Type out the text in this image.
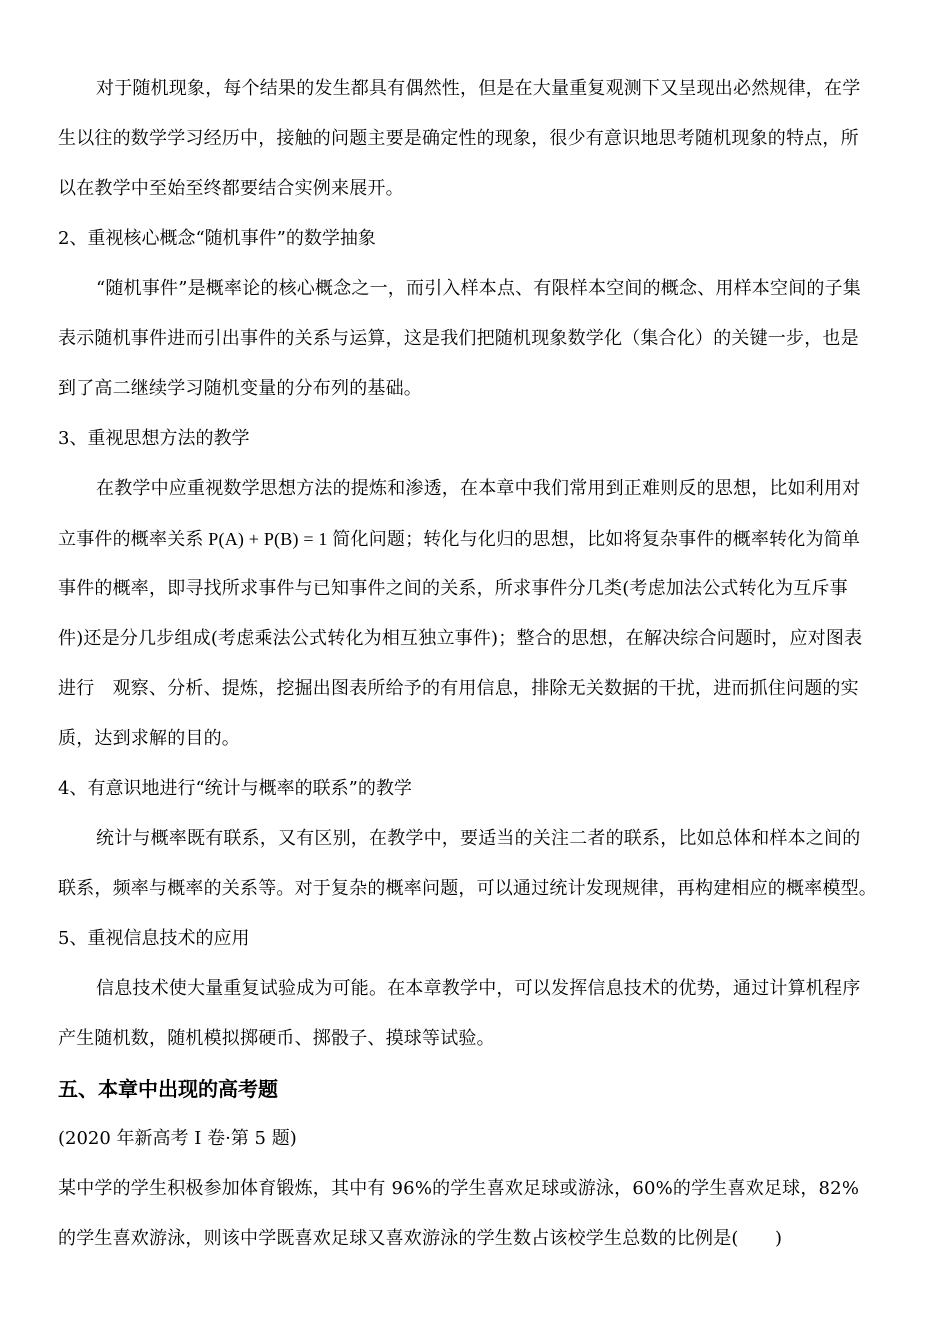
对于随机现象，每个结果的发生都具有偶然性，但是在大量重复观测下又呈现出必然规律，在学
生以往的数学学习经历中，接触的问题主要是确定性的现象，很少有意识地思考随机现象的特点，所
以在教学中至始至终都要结合实例来展开。
2、重视核心概念“随机事件”的数学抽象
“随机事件”是概率论的核心概念之一，而引入样本点、有限样本空间的概念、用样本空间的子集
表示随机事件进而引出事件的关系与运算，这是我们把随机现象数学化（集合化）的关键一步，也是
到了高二继续学习随机变量的分布列的基础。
3、重视思想方法的教学
在教学中应重视数学思想方法的提炼和渗透，在本章中我们常用到正难则反的思想，比如利用对
立事件的概率关系 P(A) + P(B) = 1 简化问题；转化与化归的思想，比如将复杂事件的概率转化为简单
事件的概率，即寻找所求事件与已知事件之间的关系，所求事件分几类(考虑加法公式转化为互斥事
件)还是分几步组成(考虑乘法公式转化为相互独立事件)；整合的思想，在解决综合问题时，应对图表
进行　观察、分析、提炼，挖掘出图表所给予的有用信息，排除无关数据的干扰，进而抓住问题的实
质，达到求解的目的。
4、有意识地进行“统计与概率的联系”的教学
统计与概率既有联系，又有区别，在教学中，要适当的关注二者的联系，比如总体和样本之间的
联系，频率与概率的关系等。对于复杂的概率问题，可以通过统计发现规律，再构建相应的概率模型。
5、重视信息技术的应用
信息技术使大量重复试验成为可能。在本章教学中，可以发挥信息技术的优势，通过计算机程序
产生随机数，随机模拟掷硬币、掷骰子、摸球等试验。
五、本章中出现的高考题
(2020 年新高考 I 卷·第 5 题)
某中学的学生积极参加体育锻炼，其中有 96%的学生喜欢足球或游泳，60%的学生喜欢足球，82%
的学生喜欢游泳，则该中学既喜欢足球又喜欢游泳的学生数占该校学生总数的比例是(　　)
